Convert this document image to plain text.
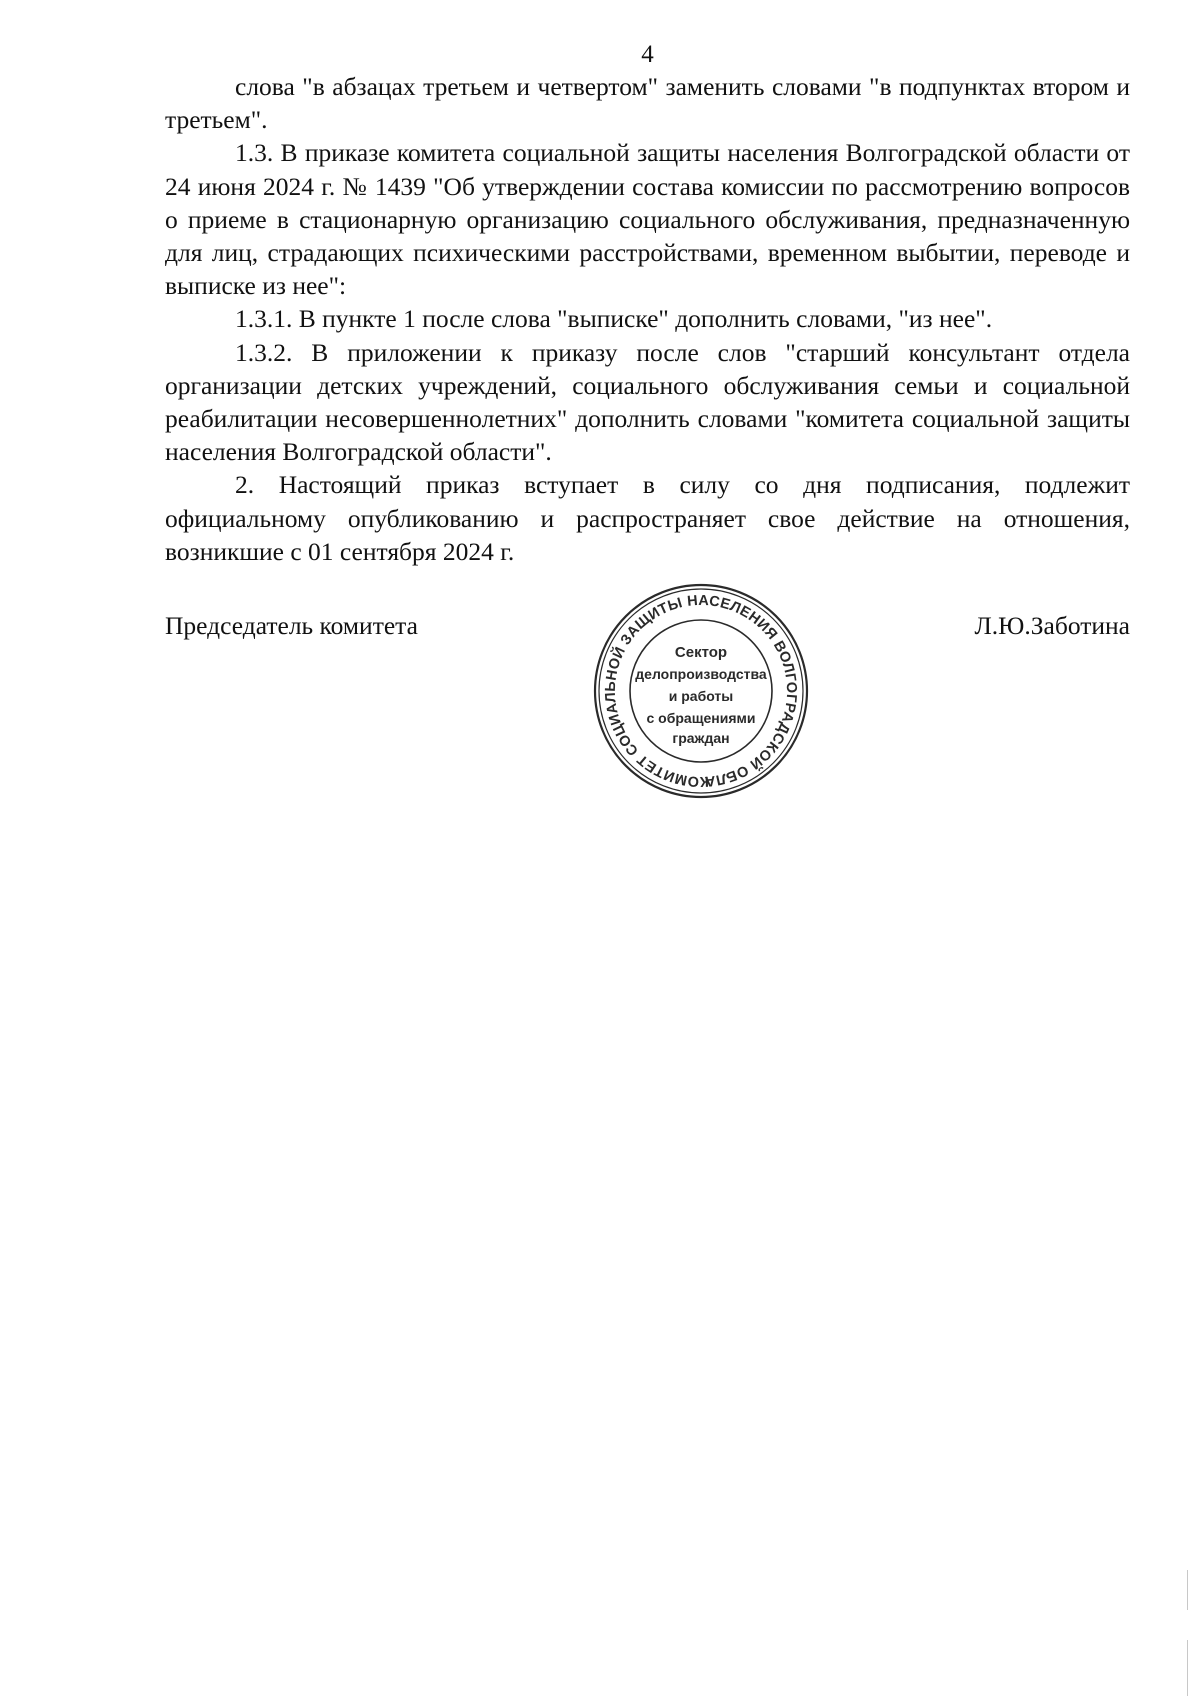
4

слова "в абзацах третьем и четвертом" заменить словами "в подпунктах втором и третьем".

1.3. В приказе комитета социальной защиты населения Волгоградской области от 24 июня 2024 г. № 1439 "Об утверждении состава комиссии по рассмотрению вопросов о приеме в стационарную организацию социального обслуживания, предназначенную для лиц, страдающих психическими расстройствами, временном выбытии, переводе и выписке из нее":

1.3.1. В пункте 1 после слова "выписке" дополнить словами, "из нее".

1.3.2. В приложении к приказу после слов "старший консультант отдела организации детских учреждений, социального обслуживания семьи и социальной реабилитации несовершеннолетних" дополнить словами "комитета социальной защиты населения Волгоградской области".

2. Настоящий приказ вступает в силу со дня подписания, подлежит официальному опубликованию и распространяет свое действие на отношения, возникшие с 01 сентября 2024 г.

Председатель комитета
КОМИТЕТ СОЦИАЛЬНОЙ ЗАЩИТЫ НАСЕЛЕНИЯ ВОЛГОГРАДСКОЙ ОБЛА
Сектор
делопроизводства
и работы
с обращениями
граждан
Л.Ю.Заботина
